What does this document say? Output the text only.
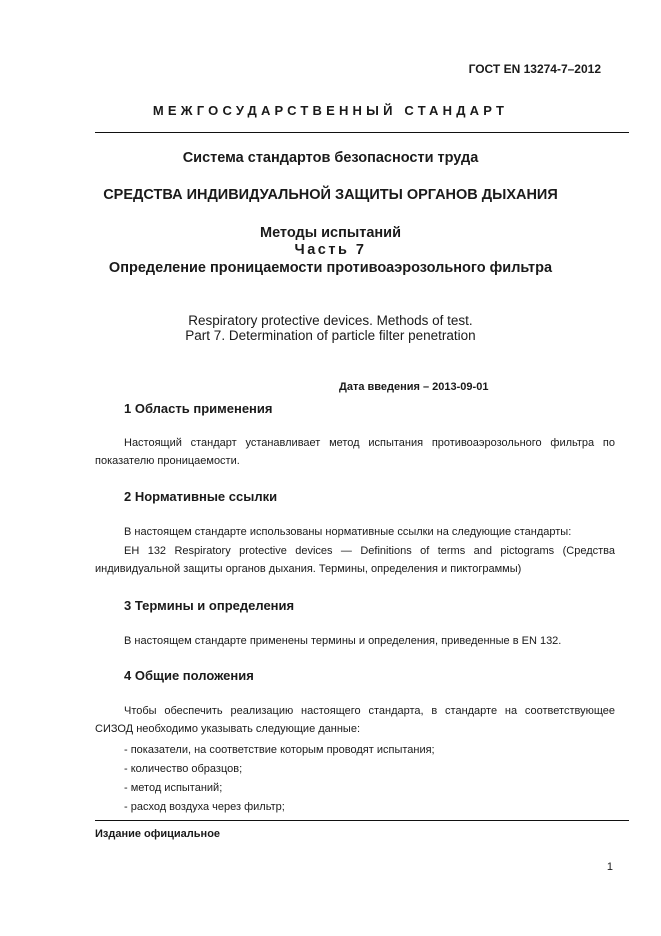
ГОСТ EN 13274-7–2012
МЕЖГОСУДАРСТВЕННЫЙ СТАНДАРТ
Система стандартов безопасности труда
СРЕДСТВА ИНДИВИДУАЛЬНОЙ ЗАЩИТЫ ОРГАНОВ ДЫХАНИЯ
Методы испытаний
Часть 7
Определение проницаемости противоаэрозольного фильтра
Respiratory protective devices. Methods of test.
Part 7. Determination of particle filter penetration
Дата введения – 2013-09-01
1 Область применения
Настоящий стандарт устанавливает метод испытания противоаэрозольного фильтра по показателю проницаемости.
2 Нормативные ссылки
В настоящем стандарте использованы нормативные ссылки на следующие стандарты:
ЕН 132 Respiratory protective devices — Definitions of terms and pictograms (Средства индивидуальной защиты органов дыхания. Термины, определения и пиктограммы)
3 Термины и определения
В настоящем стандарте применены термины и определения, приведенные в EN 132.
4 Общие положения
Чтобы обеспечить реализацию настоящего стандарта, в стандарте на соответствующее СИЗОД необходимо указывать следующие данные:
- показатели, на соответствие которым проводят испытания;
- количество образцов;
- метод испытаний;
- расход воздуха через фильтр;
Издание официальное
1
